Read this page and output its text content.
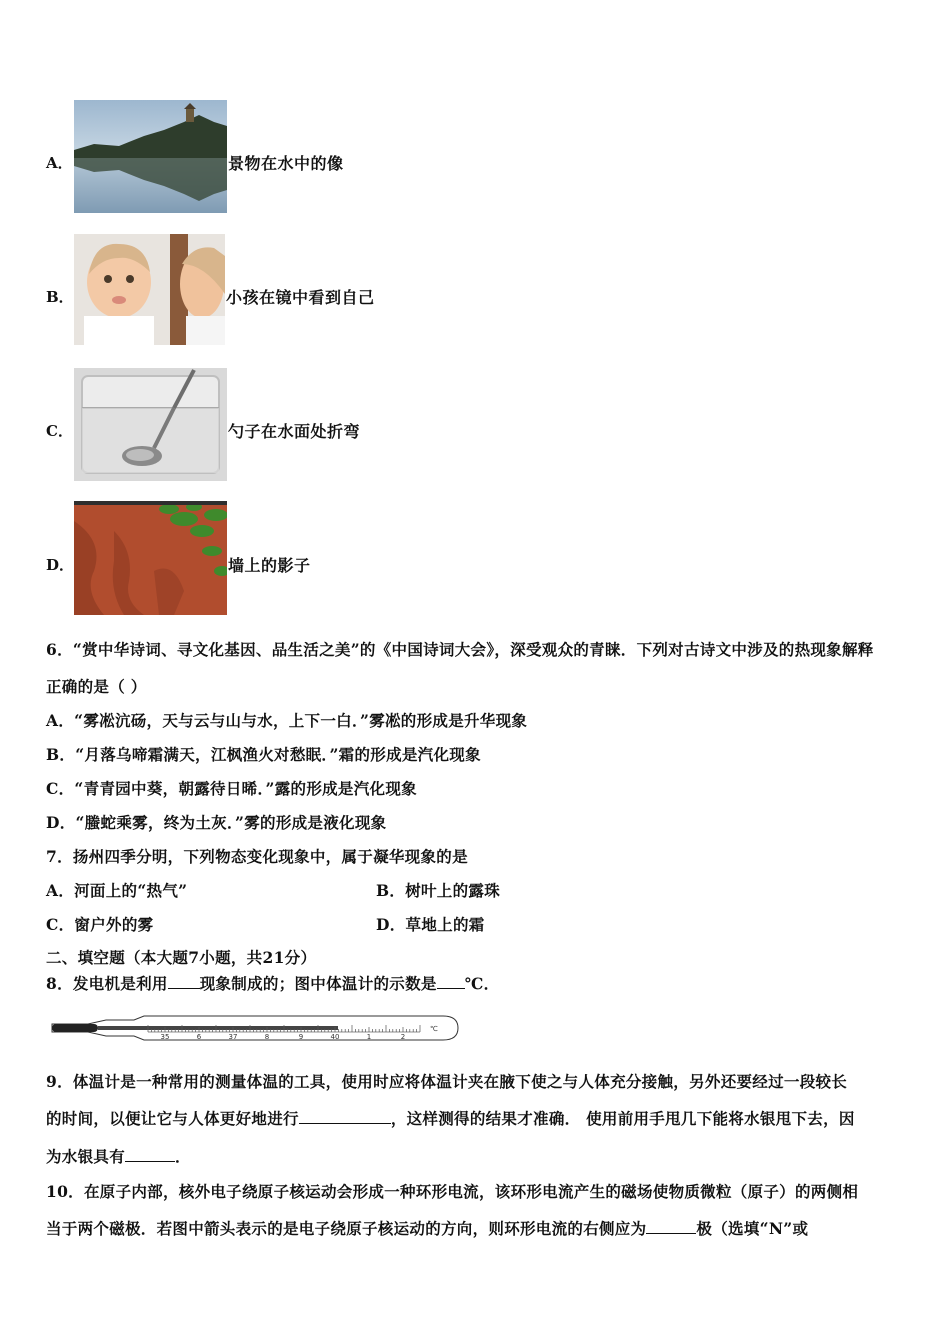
A．	景物在水中的像
B．	小孩在镜中看到自己
C．	勺子在水面处折弯
D．	墙上的影子
6．“赏中华诗词、寻文化基因、品生活之美”的《中国诗词大会》，深受观众的青睐．下列对古诗文中涉及的热现象解释
正确的是（ ）
A．“雾凇沆砀，天与云与山与水，上下一白．”雾凇的形成是升华现象
B．“月落乌啼霜满天，江枫渔火对愁眠．”霜的形成是汽化现象
C．“青青园中葵，朝露待日晞．”露的形成是汽化现象
D．“螣蛇乘雾，终为土灰．”雾的形成是液化现象
7．扬州四季分明，下列物态变化现象中，属于凝华现象的是
A．河面上的“热气”	B．树叶上的露珠
C．窗户外的雾	D．草地上的霜
二、填空题（本大题7小题，共21分）
8．发电机是利用 现象制成的；图中体温计的示数是 ℃．
35	6	37	8	9	40	1	2
℃
9．体温计是一种常用的测量体温的工具，使用时应将体温计夹在腋下使之与人体充分接触，另外还要经过一段较长
的时间，以便让它与人体更好地进行	，这样测得的结果才准确． 使用前用手甩几下能将水银甩下去，因
为水银具有	．
10．在原子内部，核外电子绕原子核运动会形成一种环形电流，该环形电流产生的磁场使物质微粒（原子）的两侧相
当于两个磁极．若图中箭头表示的是电子绕原子核运动的方向，则环形电流的右侧应为	极（选填“N”或
